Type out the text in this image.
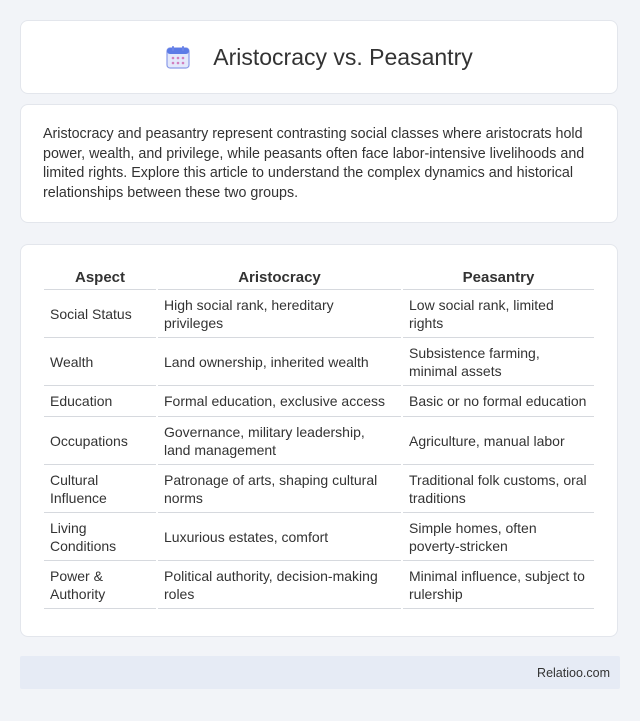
Aristocracy vs. Peasantry

Aristocracy and peasantry represent contrasting social classes where aristocrats hold power, wealth, and privilege, while peasants often face labor-intensive livelihoods and limited rights. Explore this article to understand the complex dynamics and historical relationships between these two groups.

Aspect	Aristocracy	Peasantry
Social Status	High social rank, hereditary privileges	Low social rank, limited rights
Wealth	Land ownership, inherited wealth	Subsistence farming, minimal assets
Education	Formal education, exclusive access	Basic or no formal education
Occupations	Governance, military leadership, land management	Agriculture, manual labor
Cultural Influence	Patronage of arts, shaping cultural norms	Traditional folk customs, oral traditions
Living Conditions	Luxurious estates, comfort	Simple homes, often poverty-stricken
Power & Authority	Political authority, decision-making roles	Minimal influence, subject to rulership
Relatioo.com
